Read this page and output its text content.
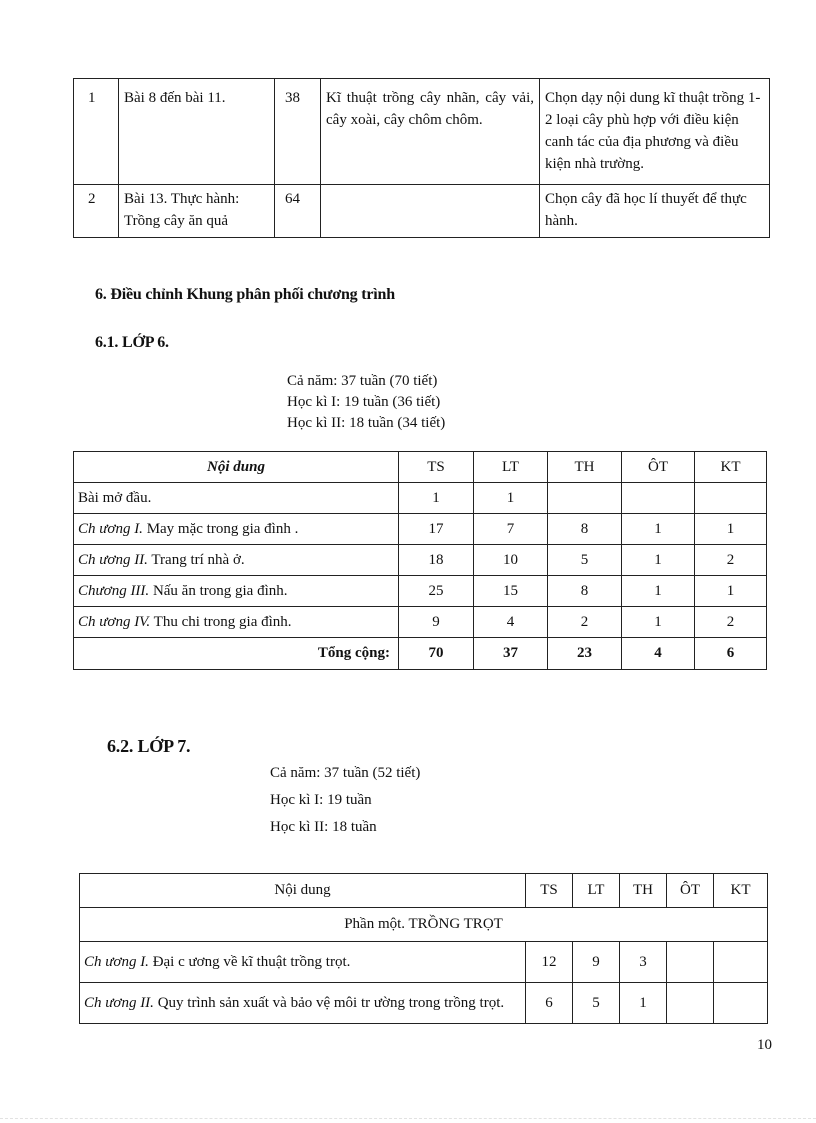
1	Bài 8 đến bài 11.	38	Kĩ thuật trồng cây nhãn, cây vải, cây xoài, cây chôm chôm.	Chọn dạy nội dung kĩ thuật trồng 1-2 loại cây phù hợp với điều kiện canh tác của địa phương và điều kiện nhà trường.
2	Bài 13. Thực hành: Trồng cây ăn quả	64		Chọn cây đã học lí thuyết để thực hành.
6. Điều chỉnh Khung phân phối chương trình
6.1. LỚP 6.
Cả năm: 37 tuần (70 tiết)
Học kì I: 19 tuần (36 tiết)
Học kì II: 18 tuần (34 tiết)
Nội dung	TS	LT	TH	ÔT	KT
Bài mở đầu.	1	1			
Ch ương I. May mặc trong gia đình .	17	7	8	1	1
Ch ương II. Trang trí nhà ở.	18	10	5	1	2
Chương III. Nấu ăn trong gia đình.	25	15	8	1	1
Ch ương IV. Thu chi trong gia đình.	9	4	2	1	2
Tổng cộng:	70	37	23	4	6
6.2. LỚP 7.
Cả năm: 37 tuần (52 tiết)
Học kì I: 19 tuần
Học kì II: 18 tuần
Nội dung	TS	LT	TH	ÔT	KT
Phần một. TRỒNG TRỌT					
Ch ương I. Đại c ương về kĩ thuật trồng trọt.	12	9	3		
Ch ương II. Quy trình sản xuất và bảo vệ môi tr ường trong trồng trọt.	6	5	1		
10
